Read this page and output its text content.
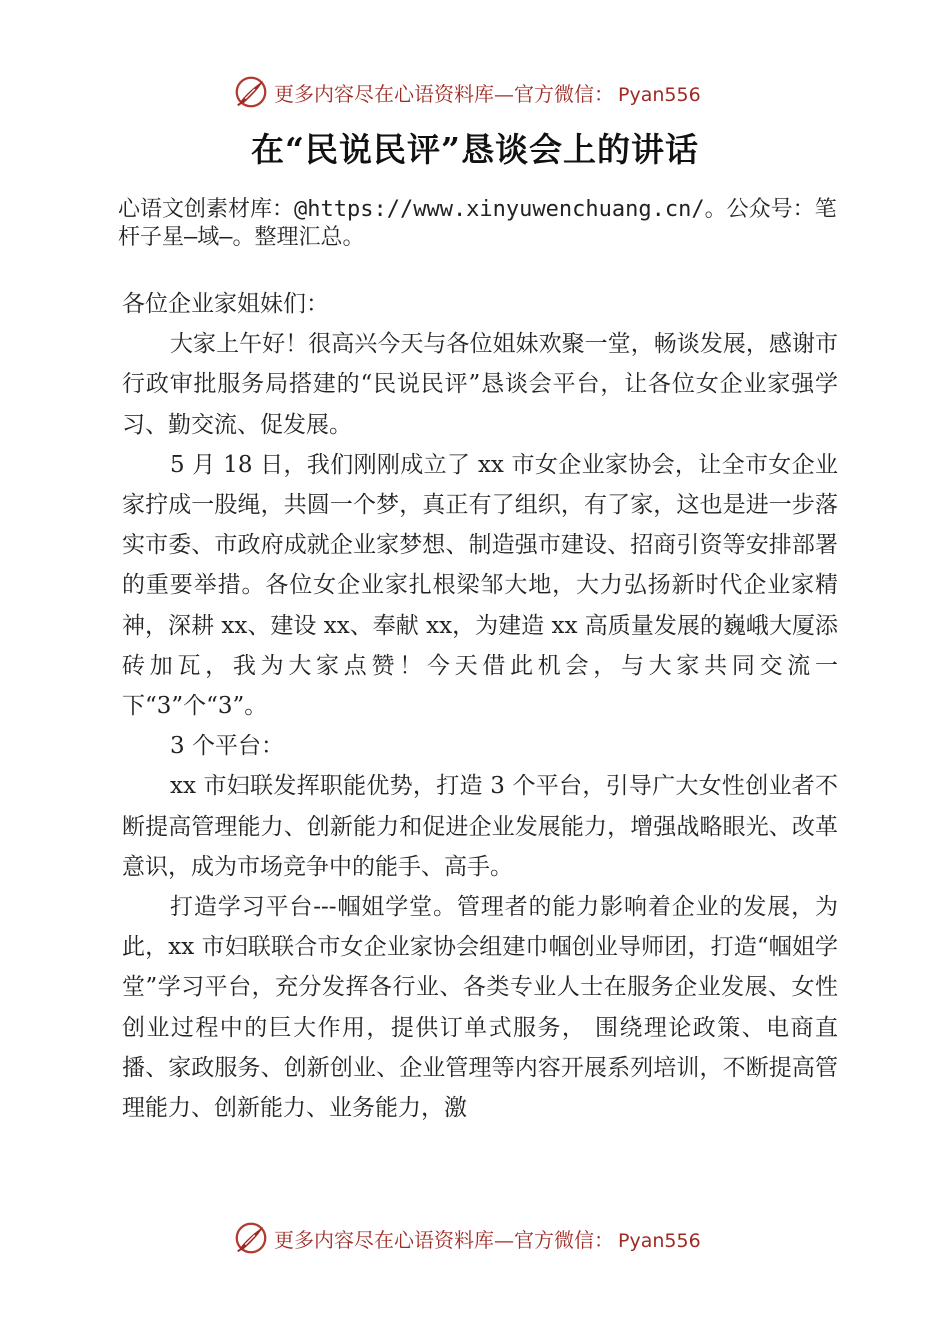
更多内容尽在心语资料库—官方微信： Pyan556
在“民说民评”恳谈会上的讲话
心语文创素材库：@https://www.xinyuwenchuang.cn/。公众号：笔杆子星—域—。整理汇总。

各位企业家姐妹们：

大家上午好！很高兴今天与各位姐妹欢聚一堂，畅谈发展，感谢市行政审批服务局搭建的“民说民评”恳谈会平台，让各位女企业家强学习、勤交流、促发展。

5 月 18 日，我们刚刚成立了 xx 市女企业家协会，让全市女企业家拧成一股绳，共圆一个梦，真正有了组织，有了家，这也是进一步落实市委、市政府成就企业家梦想、制造强市建设、招商引资等安排部署的重要举措。各位女企业家扎根梁邹大地，大力弘扬新时代企业家精神，深耕 xx、建设 xx、奉献 xx，为建造 xx 高质量发展的巍峨大厦添砖加瓦，我为大家点赞！今天借此机会，与大家共同交流一下“3”个“3”。

3 个平台：

xx 市妇联发挥职能优势，打造 3 个平台，引导广大女性创业者不断提高管理能力、创新能力和促进企业发展能力，增强战略眼光、改革意识，成为市场竞争中的能手、高手。

打造学习平台---帼姐学堂。管理者的能力影响着企业的发展，为此，xx 市妇联联合市女企业家协会组建巾帼创业导师团，打造“帼姐学堂”学习平台，充分发挥各行业、各类专业人士在服务企业发展、女性创业过程中的巨大作用，提供订单式服务， 围绕理论政策、电商直播、家政服务、创新创业、企业管理等内容开展系列培训，不断提高管理能力、创新能力、业务能力，激

更多内容尽在心语资料库—官方微信： Pyan556
